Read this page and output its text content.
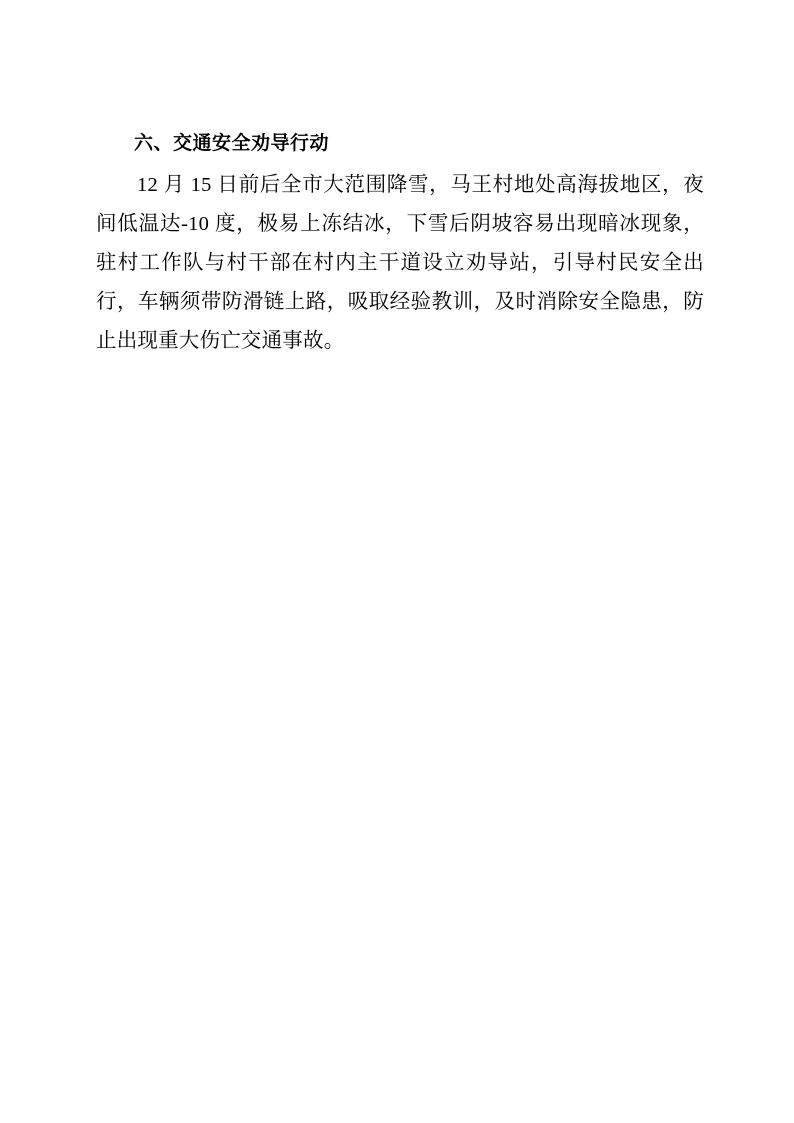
六、交通安全劝导行动

12 月 15 日前后全市大范围降雪，马王村地处高海拔地区，夜间低温达-10 度，极易上冻结冰，下雪后阴坡容易出现暗冰现象，驻村工作队与村干部在村内主干道设立劝导站，引导村民安全出行，车辆须带防滑链上路，吸取经验教训，及时消除安全隐患，防止出现重大伤亡交通事故。
